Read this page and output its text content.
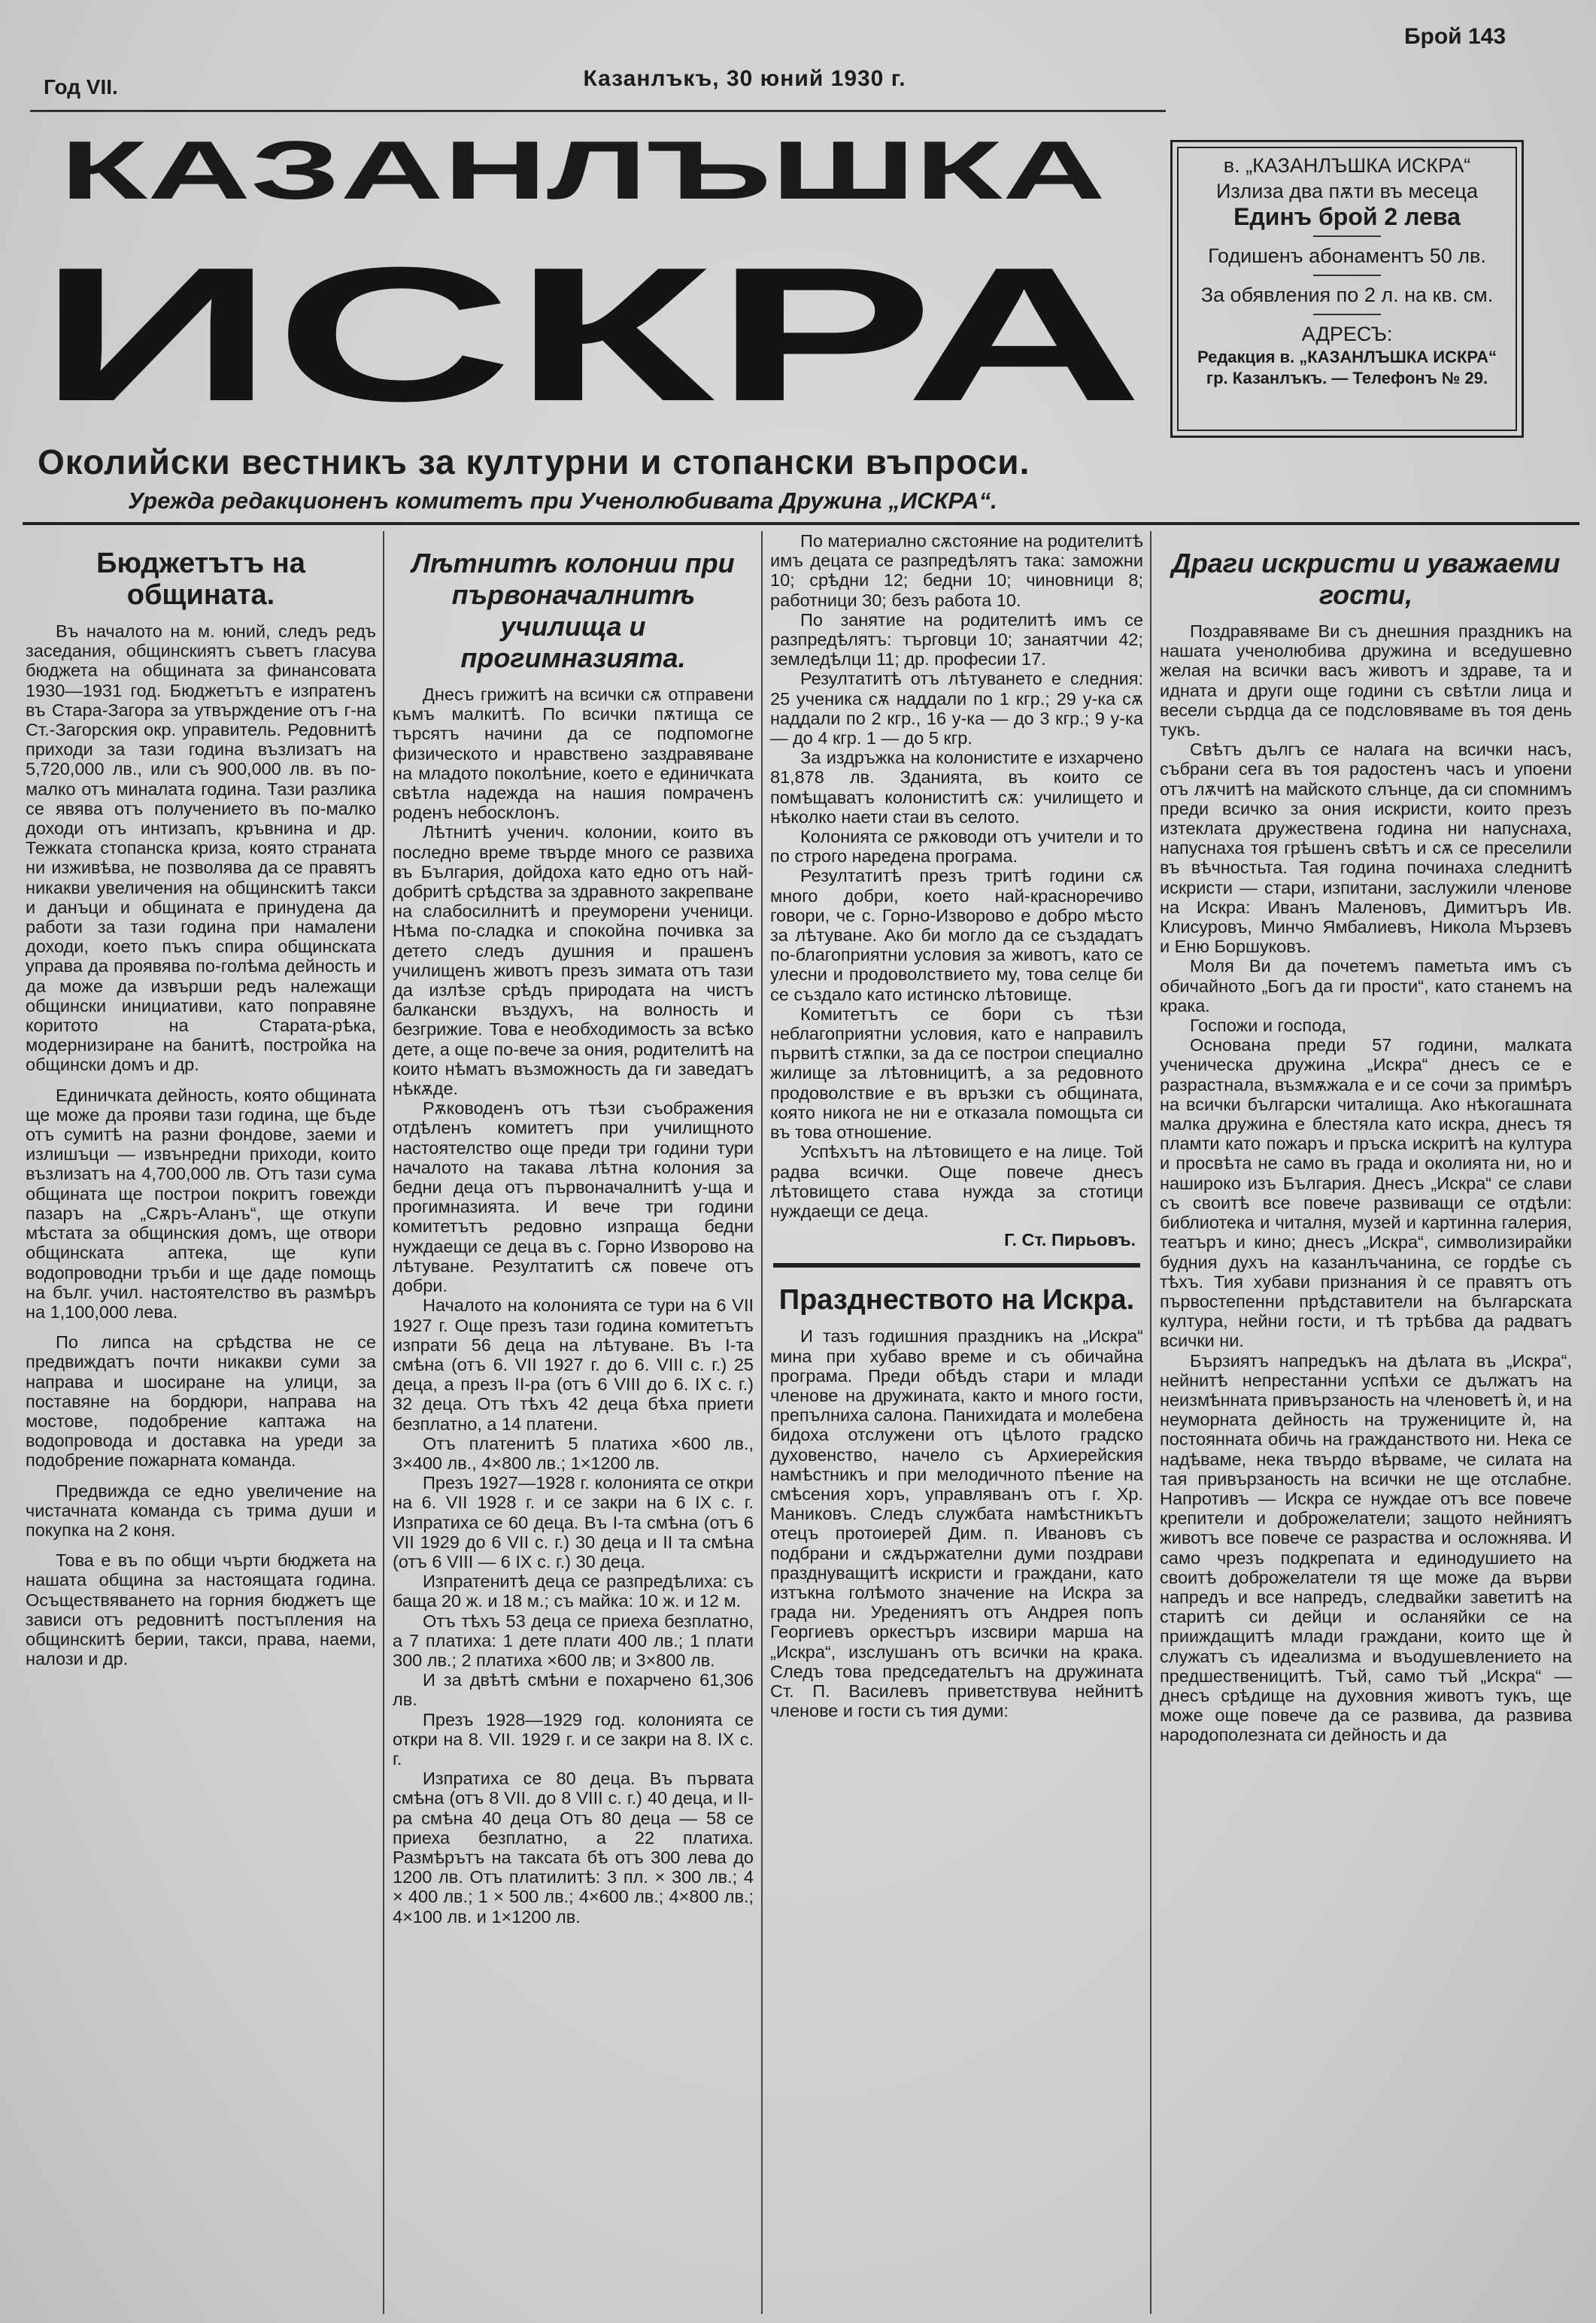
Брой 143
Казанлъкъ, 30 юний 1930 г.
Год VII.
КАЗАНЛЪШКА
ИСКРА
Околийски вестникъ за културни и стопански въпроси.
Урежда редакционенъ комитетъ при Ученолюбивата Дружина „ИСКРА“.
в. „КАЗАНЛЪШКА ИСКРА“
Излиза два пѫти въ месеца
Единъ брой 2 лева
Годишенъ абонаментъ 50 лв.
За обявления по 2 л. на кв. см.
АДРЕСЪ:
Редакция в. „КАЗАНЛЪШКА ИСКРА“
гр. Казанлъкъ. — Телефонъ № 29.
Бюджетътъ на общината.

Въ началото на м. юний, следъ редъ заседания, общинскиятъ съветъ гласува бюджета на общината за финансовата 1930—1931 год. Бюджетътъ е изпратенъ въ Стара-Загора за утвърждение отъ г-на Ст.-Загорския окр. управитель. Редовнитѣ приходи за тази година възлизатъ на 5,720,000 лв., или съ 900,000 лв. въ по-малко отъ миналата година. Тази разлика се явява отъ получението въ по-малко доходи отъ интизапъ, кръвнина и др. Тежката стопанска криза, която страната ни изживѣва, не позволява да се правятъ никакви увеличения на общинскитѣ такси и данъци и общината е принудена да работи за тази година при намалени доходи, което пъкъ спира общинската управа да проявява по-голѣма дейность и да може да извърши редъ належащи общински инициативи, като поправяне коритото на Старата-рѣка, модернизиране на банитѣ, постройка на общински домъ и др.

Единичката дейность, която общината ще може да прояви тази година, ще бъде отъ сумитѣ на разни фондове, заеми и излишъци — извънредни приходи, които възлизатъ на 4,700,000 лв. Отъ тази сума общината ще построи покритъ говежди пазаръ на „Сѫръ-Аланъ“, ще откупи мѣстата за общинския домъ, ще отвори общинската аптека, ще купи водопроводни тръби и ще даде помощь на бълг. учил. настоятелство въ размѣръ на 1,100,000 лева.

По липса на срѣдства не се предвиждатъ почти никакви суми за направа и шосиране на улици, за поставяне на бордюри, направа на мостове, подобрение каптажа на водопровода и доставка на уреди за подобрение пожарната команда.

Предвижда се едно увеличение на чистачната команда съ трима души и покупка на 2 коня.

Това е въ по общи чърти бюджета на нашата община за настоящата година. Осъществяването на горния бюджетъ ще зависи отъ редовнитѣ постъпления на общинскитѣ берии, такси, права, наеми, налози и др.

Лѣтнитѣ колонии при първоначалнитѣ училища и прогимназията.

Днесъ грижитѣ на всички сѫ отправени къмъ малкитѣ. По всички пѫтища се търсятъ начини да се подпомогне физическото и нравствено заздравяване на младото поколѣние, което е единичката свѣтла надежда на нашия помраченъ роденъ небосклонъ.

Лѣтнитѣ ученич. колонии, които въ последно време твърде много се развиха въ България, дойдоха като едно отъ най-добритѣ срѣдства за здравното закрепване на слабосилнитѣ и преуморени ученици. Нѣма по-сладка и спокойна почивка за детето следъ душния и прашенъ училищенъ животъ презъ зимата отъ тази да излѣзе срѣдъ природата на чистъ балкански въздухъ, на волность и безгрижие. Това е необходимость за всѣко дете, а още по-вече за ония, родителитѣ на които нѣматъ възможность да ги заведатъ нѣкѫде.

Рѫководенъ отъ тѣзи съображения отдѣленъ комитетъ при училищното настоятелство още преди три години тури началото на такава лѣтна колония за бедни деца отъ първоначалнитѣ у-ща и прогимназията. И вече три години комитетътъ редовно изпраща бедни нуждаещи се деца въ с. Горно Изворово на лѣтуване. Резултатитѣ сѫ повече отъ добри.

Началото на колонията се тури на 6 VII 1927 г. Още презъ тази година комитетътъ изпрати 56 деца на лѣтуване. Въ I-та смѣна (отъ 6. VII 1927 г. до 6. VIII с. г.) 25 деца, а презъ II-ра (отъ 6 VIII до 6. IX с. г.) 32 деца. Отъ тѣхъ 42 деца бѣха приети безплатно, а 14 платени.

Отъ платенитѣ 5 платиха ×600 лв., 3×400 лв., 4×800 лв.; 1×1200 лв.

Презъ 1927—1928 г. колонията се откри на 6. VII 1928 г. и се закри на 6 IX с. г. Изпратиха се 60 деца. Въ I-та смѣна (отъ 6 VII 1929 до 6 VII с. г.) 30 деца и II та смѣна (отъ 6 VIII — 6 IX с. г.) 30 деца.

Изпратенитѣ деца се разпредѣлиха: съ баща 20 ж. и 18 м.; съ майка: 10 ж. и 12 м.

Отъ тѣхъ 53 деца се приеха безплатно, а 7 платиха: 1 дете плати 400 лв.; 1 плати 300 лв.; 2 платиха ×600 лв; и 3×800 лв.

И за двѣтѣ смѣни е похарчено 61,306 лв.

Презъ 1928—1929 год. колонията се откри на 8. VII. 1929 г. и се закри на 8. IX с. г.

Изпратиха се 80 деца. Въ първата смѣна (отъ 8 VII. до 8 VIII с. г.) 40 деца, и II-ра смѣна 40 деца Отъ 80 деца — 58 се приеха безплатно, а 22 платиха. Размѣрътъ на таксата бѣ отъ 300 лева до 1200 лв. Отъ платилитѣ: 3 пл. × 300 лв.; 4 × 400 лв.; 1 × 500 лв.; 4×600 лв.; 4×800 лв.; 4×100 лв. и 1×1200 лв.

По материално сѫстояние на родителитѣ имъ децата се разпредѣлятъ така: заможни 10; срѣдни 12; бедни 10; чиновници 8; работници 30; безъ работа 10.

По занятие на родителитѣ имъ се разпредѣлятъ: търговци 10; занаятчии 42; земледѣлци 11; др. професии 17.

Резултатитѣ отъ лѣтуването е следния: 25 ученика сѫ наддали по 1 кгр.; 29 у-ка сѫ наддали по 2 кгр., 16 у-ка — до 3 кгр.; 9 у-ка — до 4 кгр. 1 — до 5 кгр.

За издръжка на колонистите е изхарчено 81,878 лв. Зданията, въ които се помѣщаватъ колониститѣ сѫ: училището и нѣколко наети стаи въ селото.

Колонията се рѫководи отъ учители и то по строго наредена програма.

Резултатитѣ презъ тритѣ години сѫ много добри, което най-красноречиво говори, че с. Горно-Изворово е добро мѣсто за лѣтуване. Ако би могло да се създадатъ по-благоприятни условия за животъ, като се улесни и продоволствието му, това селце би се създало като истинско лѣтовище.

Комитетътъ се бори съ тѣзи неблагоприятни условия, като е направилъ първитѣ стѫпки, за да се построи специално жилище за лѣтовницитѣ, а за редовното продоволствие е въ връзки съ общината, която никога не ни е отказала помощьта си въ това отношение.

Успѣхътъ на лѣтовището е на лице. Той радва всички. Още повече днесъ лѣтовището става нужда за стотици нуждаещи се деца.

Г. Ст. Пирьовъ.
Празднеството на Искра.

И тазъ годишния праздникъ на „Искра“ мина при хубаво време и съ обичайна програма. Преди обѣдъ стари и млади членове на дружината, както и много гости, препълниха салона. Панихидата и молебена бидоха отслужени отъ цѣлото градско духовенство, начело съ Архиерейския намѣстникъ и при мелодичното пѣение на смѣсения хоръ, управляванъ отъ г. Хр. Маниковъ. Следъ службата намѣстникътъ отецъ протоиерей Дим. п. Ивановъ съ подбрани и сѫдържателни думи поздрави празднуващитѣ искристи и граждани, като изтъкна голѣмото значение на Искра за града ни. Уредениятъ отъ Андрея попъ Георгиевъ оркестъръ изсвири марша на „Искра“, изслушанъ отъ всички на крака. Следъ това председательтъ на дружината Ст. П. Василевъ приветствува нейнитѣ членове и гости съ тия думи:

Драги искристи и уважаеми гости,

Поздравяваме Ви съ днешния праздникъ на нашата ученолюбива дружина и вседушевно желая на всички васъ животъ и здраве, та и идната и други още години съ свѣтли лица и весели сърдца да се подсловяваме въ тоя день тукъ.

Свѣтъ дългъ се налага на всички насъ, събрани сега въ тоя радостенъ часъ и упоени отъ лѫчитѣ на майското слънце, да си спомнимъ преди всичко за ония искристи, които презъ изтеклата дружествена година ни напуснаха, напуснаха тоя грѣшенъ свѣтъ и сѫ се преселили въ вѣчностьта. Тая година починаха следнитѣ искристи — стари, изпитани, заслужили членове на Искра: Иванъ Маленовъ, Димитъръ Ив. Клисуровъ, Минчо Ямбалиевъ, Никола Мързевъ и Еню Боршуковъ.

Моля Ви да почетемъ паметьта имъ съ обичайното „Богъ да ги прости“, като станемъ на крака.

Госпожи и господа,

Основана преди 57 години, малката ученическа дружина „Искра“ днесъ се е разрастнала, възмѫжала е и се сочи за примѣръ на всички български читалища. Ако нѣкогашната малка дружина е блестяла като искра, днесъ тя пламти като пожаръ и пръска искритѣ на култура и просвѣта не само въ града и околията ни, но и нашироко изъ България. Днесъ „Искра“ се слави съ своитѣ все повече развиващи се отдѣли: библиотека и читалня, музей и картинна галерия, театъръ и кино; днесъ „Искра“, символизирайки будния духъ на казанлъчанина, се гордѣе съ тѣхъ. Тия хубави признания ѝ се правятъ отъ първостепенни прѣдставители на българската култура, нейни гости, и тѣ трѣбва да радватъ всички ни.

Бързиятъ напредъкъ на дѣлата въ „Искра“, нейнитѣ непрестанни успѣхи се дължатъ на неизмѣнната привързаность на членоветѣ ѝ, и на неуморната дейность на тружениците ѝ, на постоянната обичь на гражданството ни. Нека се надѣваме, нека твърдо вѣрваме, че силата на тая привързаность на всички не ще отслабне. Напротивъ — Искра се нуждае отъ все повече крепители и доброжелатели; защото нейниятъ животъ все повече се разраства и осложнява. И само чрезъ подкрепата и единодушието на своитѣ доброжелатели тя ще може да върви напредъ и все напредъ, следвайки заветитѣ на старитѣ си дейци и осланяйки се на прииждащитѣ млади граждани, които ще ѝ служатъ съ идеализма и въодушевлението на предшественицитѣ. Тъй, само тъй „Искра“ — днесъ срѣдище на духовния животъ тукъ, ще може още повече да се развива, да развива народополезната си дейность и да
